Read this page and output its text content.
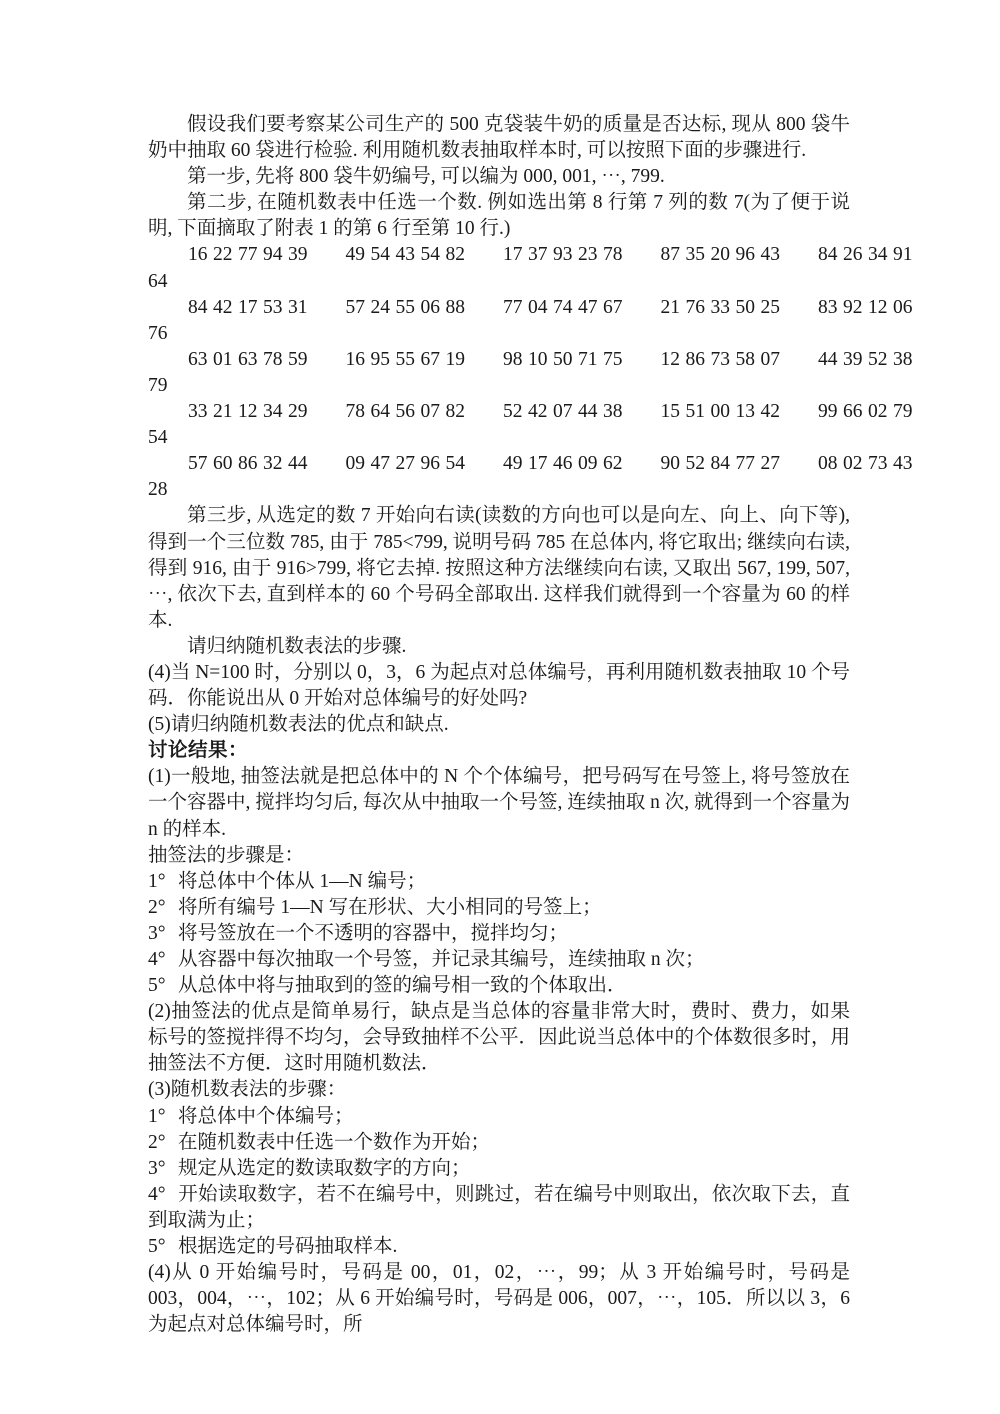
假设我们要考察某公司生产的 500 克袋装牛奶的质量是否达标, 现从 800 袋牛奶中抽取 60 袋进行检验. 利用随机数表抽取样本时, 可以按照下面的步骤进行.

第一步, 先将 800 袋牛奶编号, 可以编为 000, 001, ⋯, 799.

第二步, 在随机数表中任选一个数. 例如选出第 8 行第 7 列的数 7(为了便于说明, 下面摘取了附表 1 的第 6 行至第 10 行.)

16 22 77 94 39 49 54 43 54 82 17 37 93 23 78 87 35 20 96 43 84 26 34 91

64

84 42 17 53 31 57 24 55 06 88 77 04 74 47 67 21 76 33 50 25 83 92 12 06

76

63 01 63 78 59 16 95 55 67 19 98 10 50 71 75 12 86 73 58 07 44 39 52 38

79

33 21 12 34 29 78 64 56 07 82 52 42 07 44 38 15 51 00 13 42 99 66 02 79

54

57 60 86 32 44 09 47 27 96 54 49 17 46 09 62 90 52 84 77 27 08 02 73 43

28

第三步, 从选定的数 7 开始向右读(读数的方向也可以是向左、向上、向下等), 得到一个三位数 785, 由于 785<799, 说明号码 785 在总体内, 将它取出; 继续向右读, 得到 916, 由于 916>799, 将它去掉. 按照这种方法继续向右读, 又取出 567, 199, 507, ⋯, 依次下去, 直到样本的 60 个号码全部取出. 这样我们就得到一个容量为 60 的样本.

请归纳随机数表法的步骤.

(4)当 N=100 时，分别以 0，3，6 为起点对总体编号，再利用随机数表抽取 10 个号码．你能说出从 0 开始对总体编号的好处吗?

(5)请归纳随机数表法的优点和缺点.

讨论结果：

(1)一般地, 抽签法就是把总体中的 N 个个体编号，把号码写在号签上, 将号签放在一个容器中, 搅拌均匀后, 每次从中抽取一个号签, 连续抽取 n 次, 就得到一个容量为 n 的样本.

抽签法的步骤是：

1° 将总体中个体从 1—N 编号；

2° 将所有编号 1—N 写在形状、大小相同的号签上；

3° 将号签放在一个不透明的容器中，搅拌均匀；

4° 从容器中每次抽取一个号签，并记录其编号，连续抽取 n 次；

5° 从总体中将与抽取到的签的编号相一致的个体取出．

(2)抽签法的优点是简单易行，缺点是当总体的容量非常大时，费时、费力，如果标号的签搅拌得不均匀，会导致抽样不公平．因此说当总体中的个体数很多时，用抽签法不方便．这时用随机数法．

(3)随机数表法的步骤：

1° 将总体中个体编号；

2° 在随机数表中任选一个数作为开始；

3° 规定从选定的数读取数字的方向；

4° 开始读取数字，若不在编号中，则跳过，若在编号中则取出，依次取下去，直到取满为止；

5° 根据选定的号码抽取样本.

(4)从 0 开始编号时，号码是 00，01，02，⋯，99；从 3 开始编号时，号码是 003，004，⋯，102；从 6 开始编号时，号码是 006，007，⋯，105．所以以 3，6 为起点对总体编号时，所
